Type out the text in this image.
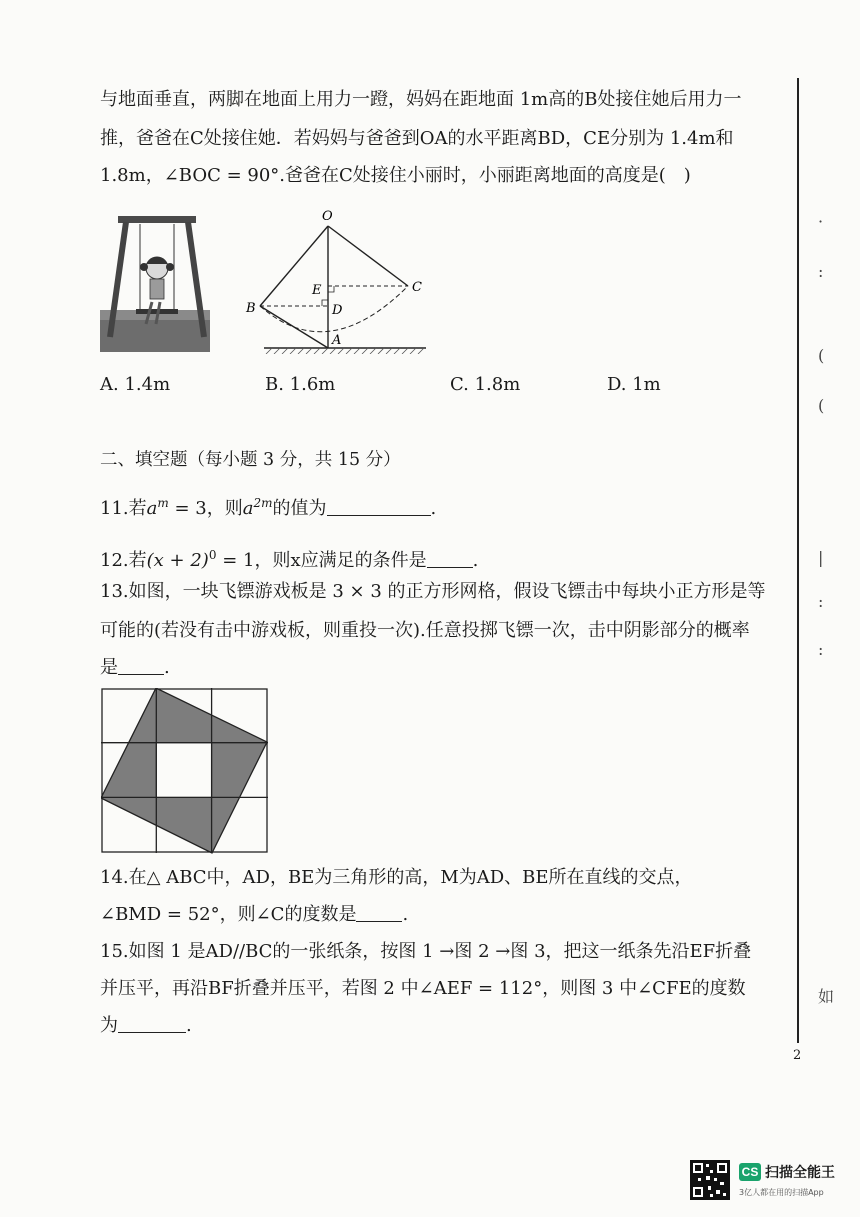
与地面垂直，两脚在地面上用力一蹬，妈妈在距地面 1m高的B处接住她后用力一
推，爸爸在C处接住她．若妈妈与爸爸到OA的水平距离BD，CE分别为 1.4m和
1.8m，∠BOC = 90°.爸爸在C处接住小丽时，小丽距离地面的高度是(　)
O
E	C
B	D
A
A. 1.4m	B. 1.6m	C. 1.8m	D. 1m
二、填空题（每小题 3 分，共 15 分）
11.若$a^m = 3$，则$a^{2m}$的值为	.
12.若$(x + 2)^0 = 1$，则x应满足的条件是	.
13.如图，一块飞镖游戏板是 3 × 3 的正方形网格，假设飞镖击中每块小正方形是等
可能的(若没有击中游戏板，则重投一次).任意投掷飞镖一次，击中阴影部分的概率
是	.
14.在△ ABC中，AD，BE为三角形的高，M为AD、BE所在直线的交点，
∠BMD = 52°，则∠C的度数是	.
15.如图 1 是AD//BC的一张纸条，按图 1 →图 2 →图 3，把这一纸条先沿EF折叠
并压平，再沿BF折叠并压平，若图 2 中∠AEF = 112°，则图 3 中∠CFE的度数
为	.
2
·
:
(
(
|
:
:
如
CS 扫描全能王
3亿人都在用的扫描App
